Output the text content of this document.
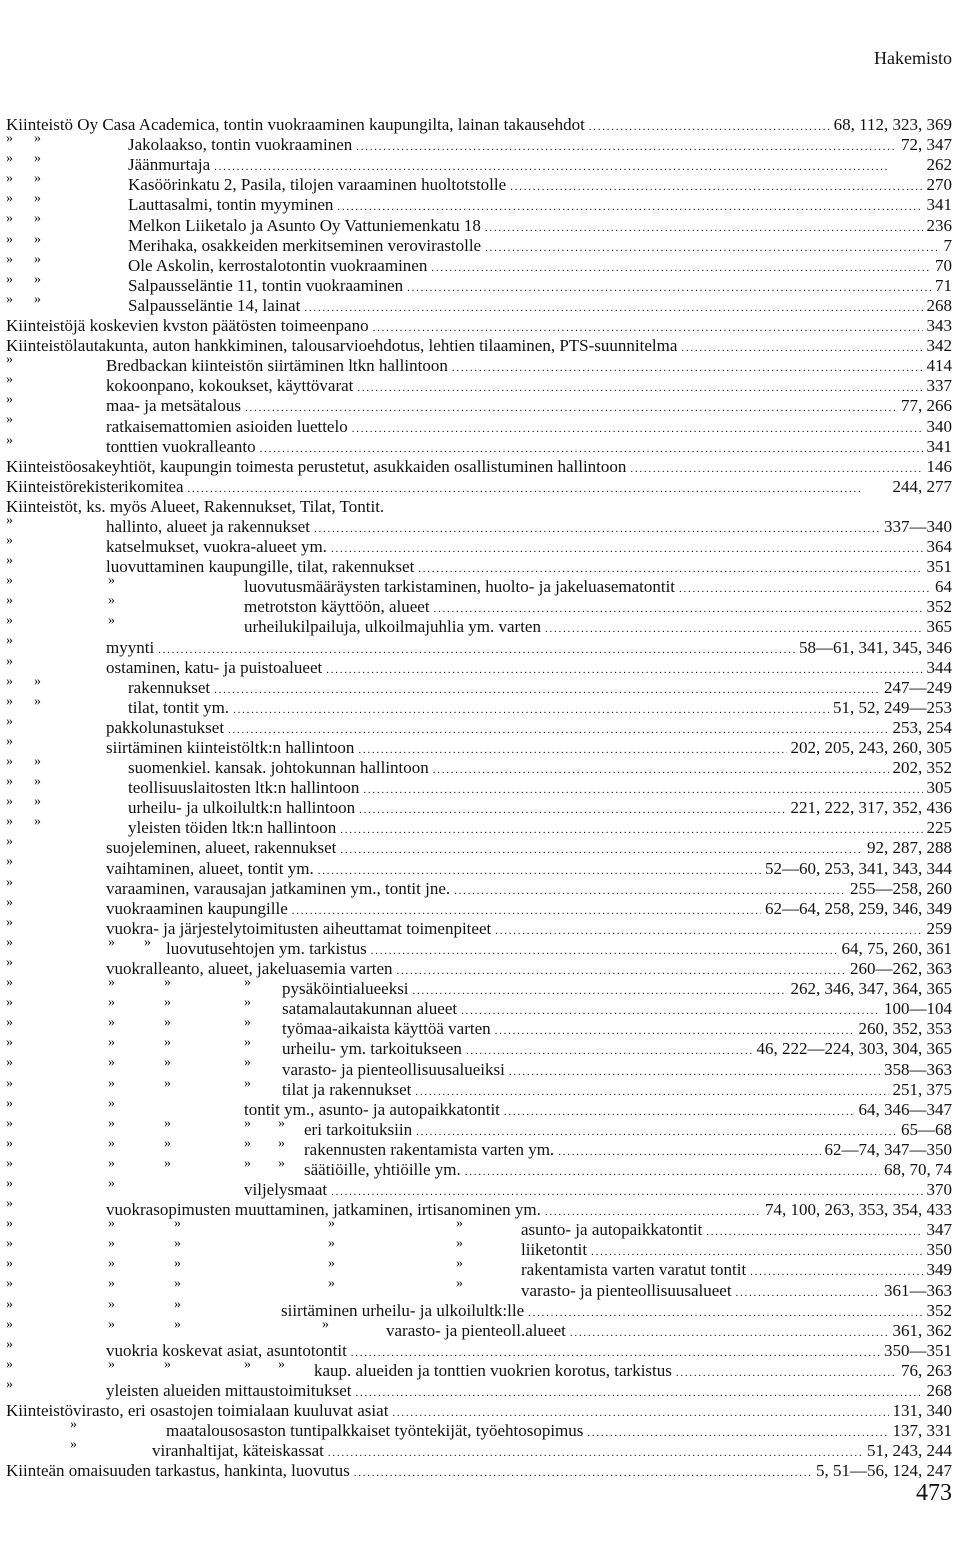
Hakemisto
Kiinteistö Oy Casa Academica, tontin vuokraaminen kaupungilta, lainan takausehdot . . .	68, 112, 323, 369
» »	Jakolaakso, tontin vuokraaminen . . .	72, 347
» »	Jäänmurtaja . . .	262
» »	Kasöörinkatu 2, Pasila, tilojen varaaminen huoltotstolle . . .	270
» »	Lauttasalmi, tontin myyminen . . .	341
» »	Melkon Liiketalo ja Asunto Oy Vattuniemenkatu 18 . . .	236
» »	Merihaka, osakkeiden merkitseminen verovirastolle . . .	7
» »	Ole Askolin, kerrostalotontin vuokraaminen . . .	70
» »	Salpausseläntie 11, tontin vuokraaminen . . .	71
» »	Salpausseläntie 14, lainat . . .	268
Kiinteistöjä koskevien kvston päätösten toimeenpano . . .	343
Kiinteistölautakunta, auton hankkiminen, talousarvioehdotus, lehtien tilaaminen, PTS-suunnitelma . . .	342
»	Bredbackan kiinteistön siirtäminen ltkn hallintoon . . .	414
»	kokoonpano, kokoukset, käyttövarat . . .	337
»	maa- ja metsätalous . . .	77, 266
»	ratkaisemattomien asioiden luettelo . . .	340
»	tonttien vuokralleanto . . .	341
Kiinteistöosakeyhtiöt, kaupungin toimesta perustetut, asukkaiden osallistuminen hallintoon . . .	146
Kiinteistörekisterikomitea . . .	244, 277
Kiinteistöt, ks. myös Alueet, Rakennukset, Tilat, Tontit.
»	hallinto, alueet ja rakennukset . . .	337—340
»	katselmukset, vuokra-alueet ym. . . .	364
»	luovuttaminen kaupungille, tilat, rakennukset . . .	351
»	»	luovutusmääräysten tarkistaminen, huolto- ja jakeluasematontit . . .	64
»	»	metrotston käyttöön, alueet . . .	352
»	»	urheilukilpailuja, ulkoilmajuhlia ym. varten . . .	365
»	myynti . . .	58—61, 341, 345, 346
»	ostaminen, katu- ja puistoalueet . . .	344
» »	rakennukset . . .	247—249
» »	tilat, tontit ym. . . .	51, 52, 249—253
»	pakkolunastukset . . .	253, 254
»	siirtäminen kiinteistöltk:n hallintoon . . .	202, 205, 243, 260, 305
» »	suomenkiel. kansak. johtokunnan hallintoon . . .	202, 352
» »	teollisuuslaitosten ltk:n hallintoon . . .	305
» »	urheilu- ja ulkoilultk:n hallintoon . . .	221, 222, 317, 352, 436
» »	yleisten töiden ltk:n hallintoon . . .	225
»	suojeleminen, alueet, rakennukset . . .	92, 287, 288
»	vaihtaminen, alueet, tontit ym. . . .	52—60, 253, 341, 343, 344
»	varaaminen, varausajan jatkaminen ym., tontit jne. . . .	255—258, 260
»	vuokraaminen kaupungille . . .	62—64, 258, 259, 346, 349
»	vuokra- ja järjestelytoimitusten aiheuttamat toimenpiteet . . .	259
»	» » luovutusehtojen ym. tarkistus . . .	64, 75, 260, 361
»	vuokralleanto, alueet, jakeluasemia varten . . .	260—262, 363
»	»	»	» pysäköintialueeksi . . .	262, 346, 347, 364, 365
»	»	»	» satamalautakunnan alueet . . .	100—104
»	»	»	» työmaa-aikaista käyttöä varten . . .	260, 352, 353
»	»	»	» urheilu- ym. tarkoitukseen . . .	46, 222—224, 303, 304, 365
»	»	»	» varasto- ja pienteollisuusalueiksi . . .	358—363
»	»	»	» tilat ja rakennukset . . .	251, 375
»	»	tontit ym., asunto- ja autopaikkatontit . . .	64, 346—347
»	»	»	» » eri tarkoituksiin . . .	65—68
»	»	»	» » rakennusten rakentamista varten ym. . . .	62—74, 347—350
»	»	»	» » säätiöille, yhtiöille ym. . . .	68, 70, 74
»	»	viljelysmaat . . .	370
»	vuokrasopimusten muuttaminen, jatkaminen, irtisanominen ym. . . .	74, 100, 263, 353, 354, 433
»	»	»	»	»	asunto- ja autopaikkatontit . . .	347
»	»	»	»	»	liiketontit . . .	350
»	»	»	»	»	rakentamista varten varatut tontit . . .	349
»	»	»	»	»	varasto- ja pienteollisuusalueet . . .	361—363
»	»	»	siirtäminen urheilu- ja ulkoilultk:lle . . .	352
»	»	»	»	varasto- ja pienteoll.alueet . . .	361, 362
»	vuokria koskevat asiat, asuntotontit . . .	350—351
»	»	»	» » kaup. alueiden ja tonttien vuokrien korotus, tarkistus . . .	76, 263
»	yleisten alueiden mittaustoimitukset . . .	268
Kiinteistövirasto, eri osastojen toimialaan kuuluvat asiat . . .	131, 340
»	maatalousosaston tuntipalkkaiset työntekijät, työehtosopimus . . .	137, 331
»	viranhaltijat, käteiskassat . . .	51, 243, 244
Kiinteän omaisuuden tarkastus, hankinta, luovutus . . .	5, 51—56, 124, 247
473
